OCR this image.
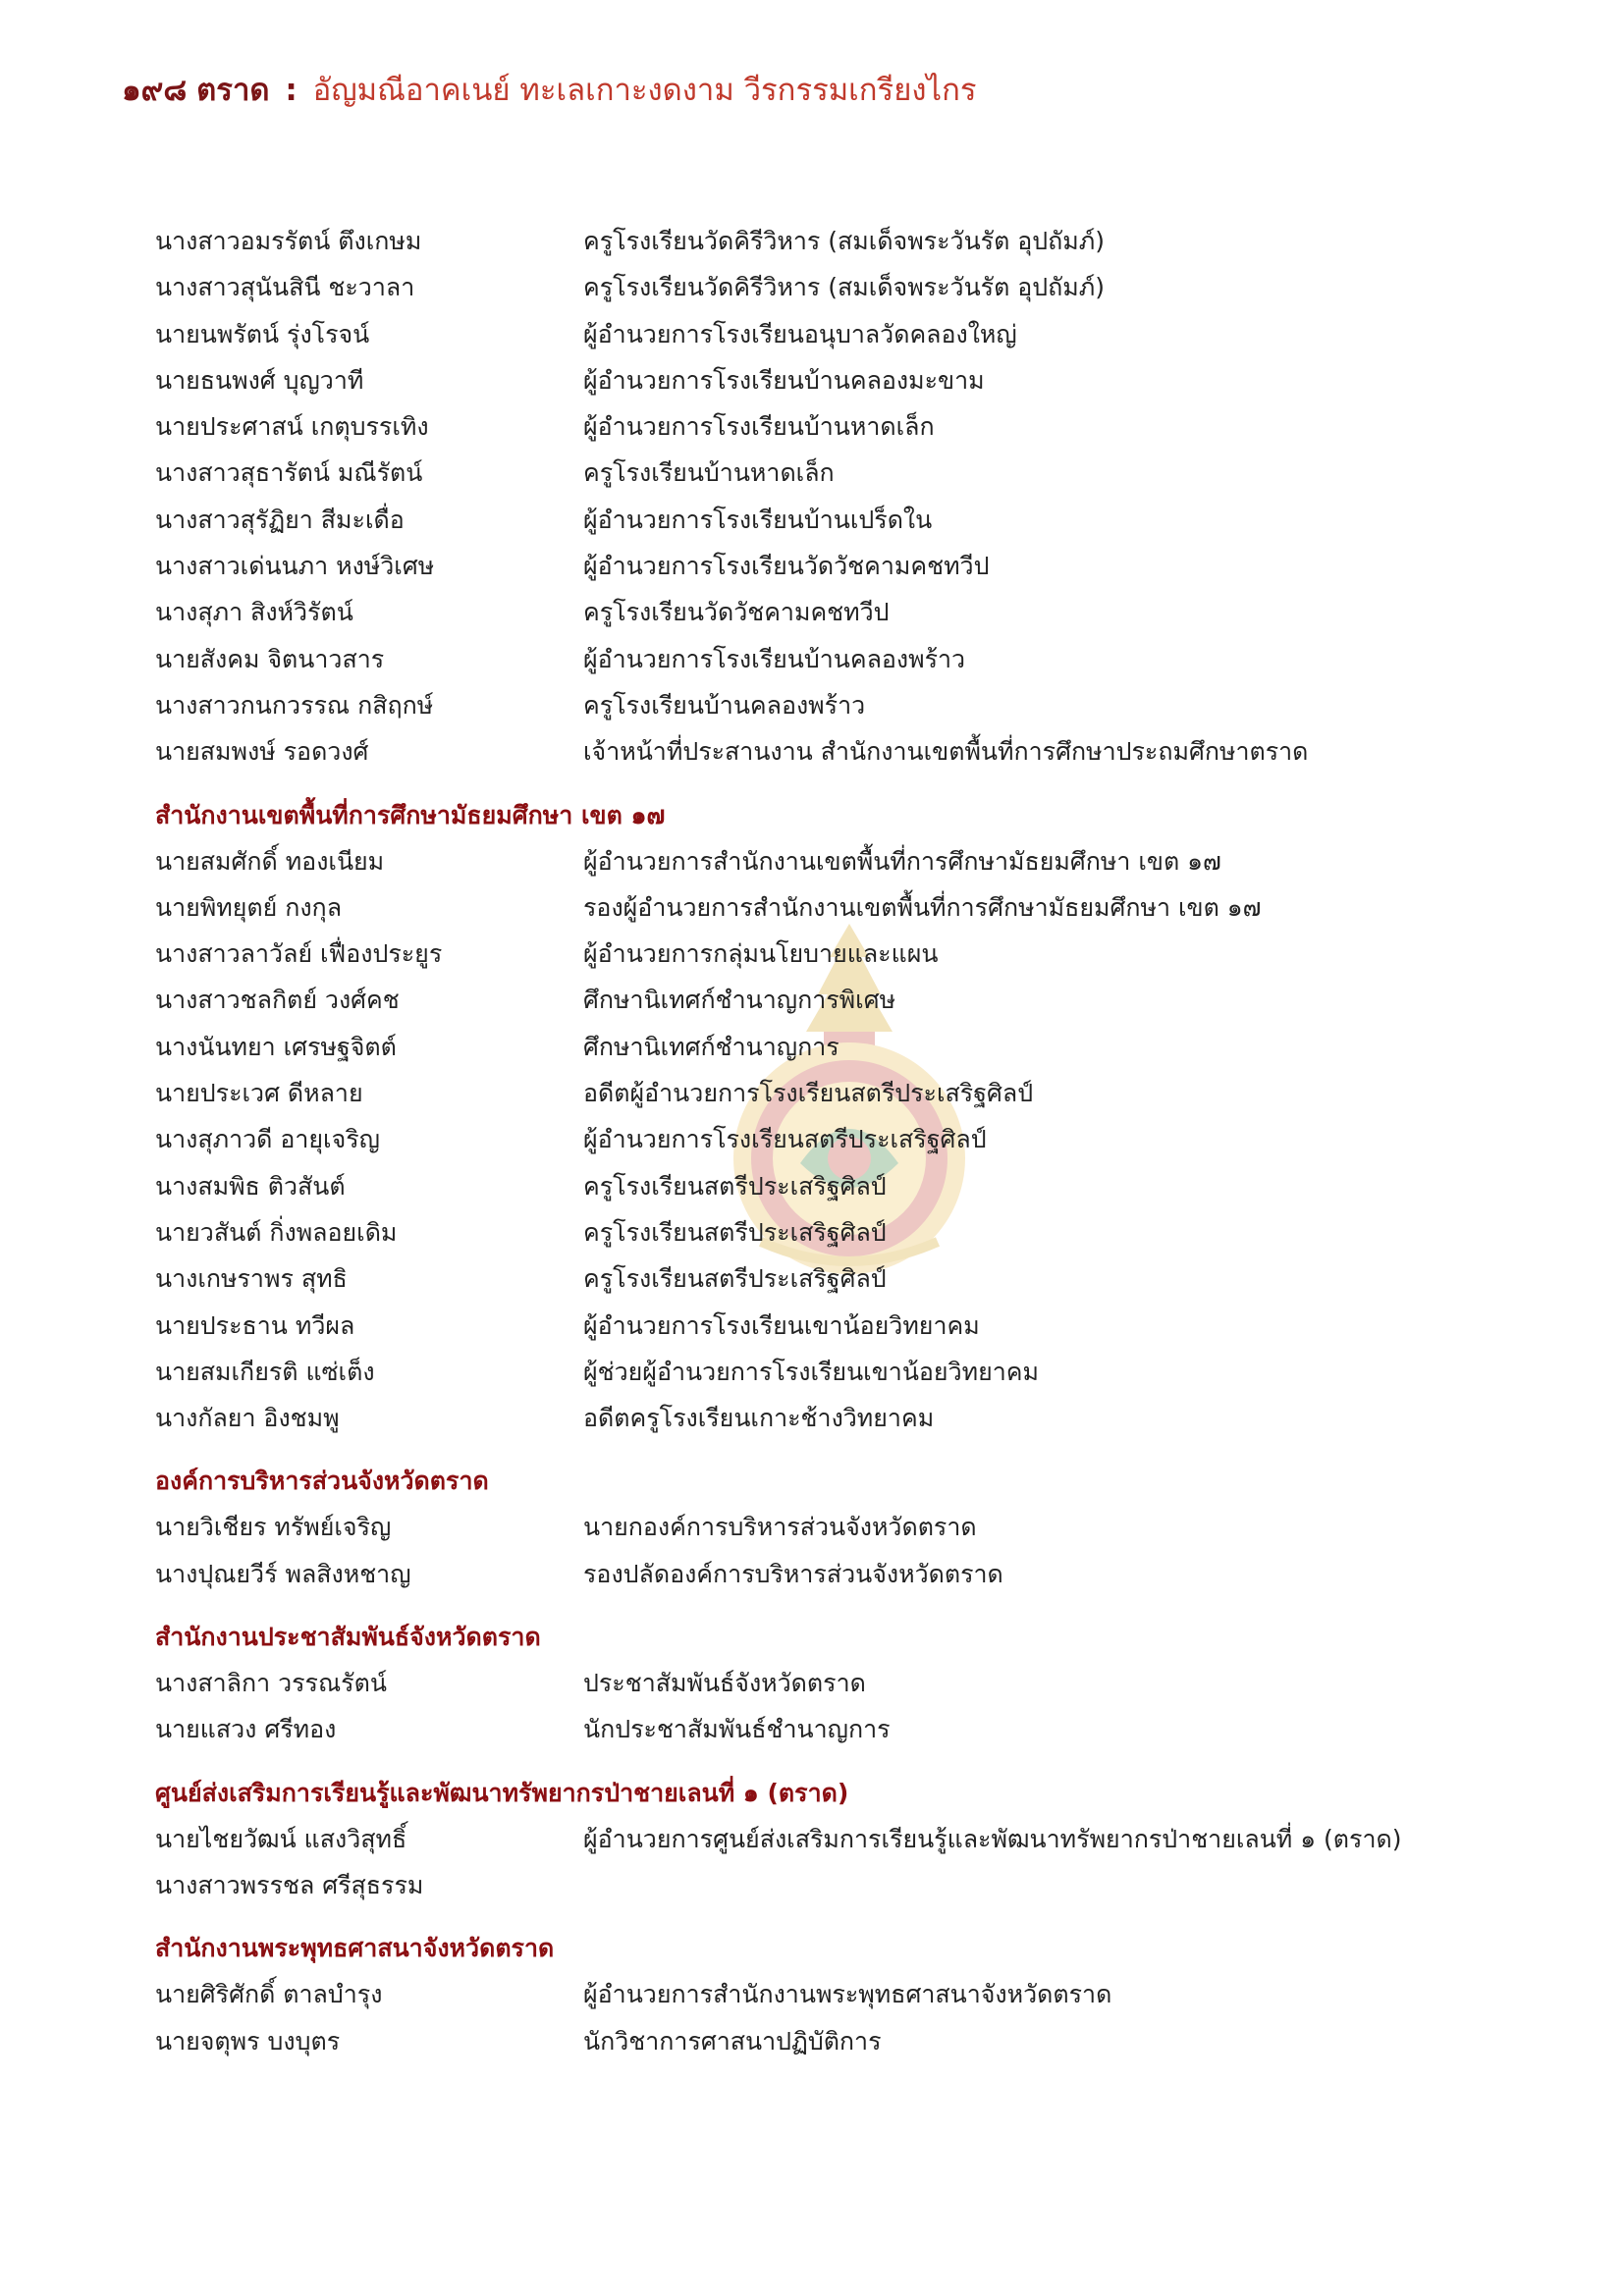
๑๙๘ ตราด : อัญมณีอาคเนย์ ทะเลเกาะงดงาม วีรกรรมเกรียงไกร
นางสาวอมรรัตน์ ตึงเกษม	ครูโรงเรียนวัดคิรีวิหาร (สมเด็จพระวันรัต อุปถัมภ์)
นางสาวสุนันสินี ชะวาลา	ครูโรงเรียนวัดคิรีวิหาร (สมเด็จพระวันรัต อุปถัมภ์)
นายนพรัตน์ รุ่งโรจน์	ผู้อำนวยการโรงเรียนอนุบาลวัดคลองใหญ่
นายธนพงศ์ บุญวาที	ผู้อำนวยการโรงเรียนบ้านคลองมะขาม
นายประศาสน์ เกตุบรรเทิง	ผู้อำนวยการโรงเรียนบ้านหาดเล็ก
นางสาวสุธารัตน์ มณีรัตน์	ครูโรงเรียนบ้านหาดเล็ก
นางสาวสุรัฏิยา สีมะเดื่อ	ผู้อำนวยการโรงเรียนบ้านเปร็ดใน
นางสาวเด่นนภา หงษ์วิเศษ	ผู้อำนวยการโรงเรียนวัดวัชคามคชทวีป
นางสุภา สิงห์วิรัตน์	ครูโรงเรียนวัดวัชคามคชทวีป
นายสังคม จิตนาวสาร	ผู้อำนวยการโรงเรียนบ้านคลองพร้าว
นางสาวกนกวรรณ กสิฤกษ์	ครูโรงเรียนบ้านคลองพร้าว
นายสมพงษ์ รอดวงศ์	เจ้าหน้าที่ประสานงาน สำนักงานเขตพื้นที่การศึกษาประถมศึกษาตราด
สำนักงานเขตพื้นที่การศึกษามัธยมศึกษา เขต ๑๗
นายสมศักดิ์ ทองเนียม	ผู้อำนวยการสำนักงานเขตพื้นที่การศึกษามัธยมศึกษา เขต ๑๗
นายพิทยุตย์ กงกุล	รองผู้อำนวยการสำนักงานเขตพื้นที่การศึกษามัธยมศึกษา เขต ๑๗
นางสาวลาวัลย์ เฟื่องประยูร	ผู้อำนวยการกลุ่มนโยบายและแผน
นางสาวชลกิตย์ วงศ์คช	ศึกษานิเทศก์ชำนาญการพิเศษ
นางนันทยา เศรษฐจิตต์	ศึกษานิเทศก์ชำนาญการ
นายประเวศ ดีหลาย	อดีตผู้อำนวยการโรงเรียนสตรีประเสริฐศิลป์
นางสุภาวดี อายุเจริญ	ผู้อำนวยการโรงเรียนสตรีประเสริฐศิลป์
นางสมพิธ ติวสันต์	ครูโรงเรียนสตรีประเสริฐศิลป์
นายวสันต์ กิ่งพลอยเดิม	ครูโรงเรียนสตรีประเสริฐศิลป์
นางเกษราพร สุทธิ	ครูโรงเรียนสตรีประเสริฐศิลป์
นายประธาน ทวีผล	ผู้อำนวยการโรงเรียนเขาน้อยวิทยาคม
นายสมเกียรติ แซ่เต็ง	ผู้ช่วยผู้อำนวยการโรงเรียนเขาน้อยวิทยาคม
นางกัลยา อิงชมพู	อดีตครูโรงเรียนเกาะช้างวิทยาคม
องค์การบริหารส่วนจังหวัดตราด
นายวิเชียร ทรัพย์เจริญ	นายกองค์การบริหารส่วนจังหวัดตราด
นางปุณยวีร์ พลสิงหชาญ	รองปลัดองค์การบริหารส่วนจังหวัดตราด
สำนักงานประชาสัมพันธ์จังหวัดตราด
นางสาลิกา วรรณรัตน์	ประชาสัมพันธ์จังหวัดตราด
นายแสวง ศรีทอง	นักประชาสัมพันธ์ชำนาญการ
ศูนย์ส่งเสริมการเรียนรู้และพัฒนาทรัพยากรป่าชายเลนที่ ๑ (ตราด)
นายไชยวัฒน์ แสงวิสุทธิ์	ผู้อำนวยการศูนย์ส่งเสริมการเรียนรู้และพัฒนาทรัพยากรป่าชายเลนที่ ๑ (ตราด)
นางสาวพรรชล ศรีสุธรรม
สำนักงานพระพุทธศาสนาจังหวัดตราด
นายศิริศักดิ์ ตาลบำรุง	ผู้อำนวยการสำนักงานพระพุทธศาสนาจังหวัดตราด
นายจตุพร บงบุตร	นักวิชาการศาสนาปฏิบัติการ
